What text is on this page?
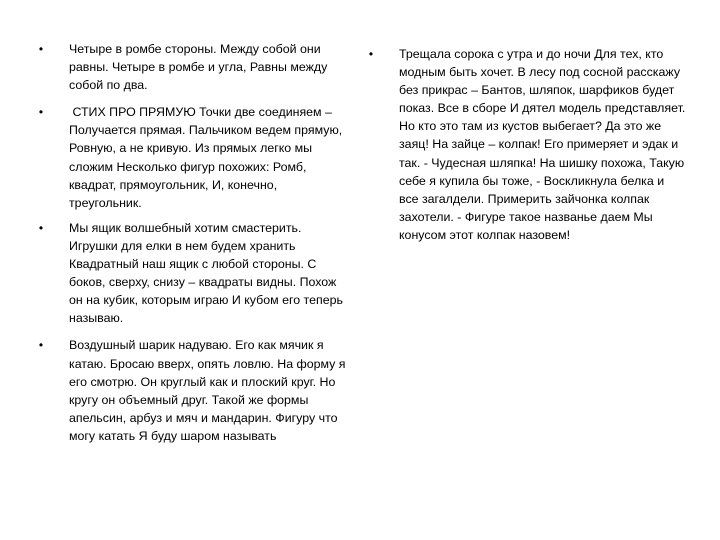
• Четыре в ромбе стороны. Между собой они равны. Четыре в ромбе и угла, Равны между собой по два.
• СТИХ ПРО ПРЯМУЮ Точки две соединяем – Получается прямая. Пальчиком ведем прямую, Ровную, а не кривую. Из прямых легко мы сложим Несколько фигур похожих: Ромб, квадрат, прямоугольник, И, конечно, треугольник.
• Мы ящик волшебный хотим смастерить. Игрушки для елки в нем будем хранить Квадратный наш ящик с любой стороны. С боков, сверху, снизу – квадраты видны. Похож он на кубик, которым играю И кубом его теперь называю.
• Воздушный шарик надуваю. Его как мячик я катаю. Бросаю вверх, опять ловлю. На форму я его смотрю. Он круглый как и плоский круг. Но кругу он объемный друг. Такой же формы апельсин, арбуз и мяч и мандарин. Фигуру что могу катать Я буду шаром называть
• Трещала сорока с утра и до ночи Для тех, кто модным быть хочет. В лесу под сосной расскажу без прикрас – Бантов, шляпок, шарфиков будет показ. Все в сборе И дятел модель представляет. Но кто это там из кустов выбегает? Да это же заяц! На зайце – колпак! Его примеряет и эдак и так. - Чудесная шляпка! На шишку похожа, Такую себе я купила бы тоже, - Воскликнула белка и все загалдели. Примерить зайчонка колпак захотели. - Фигуре такое названье даем Мы конусом этот колпак назовем!
